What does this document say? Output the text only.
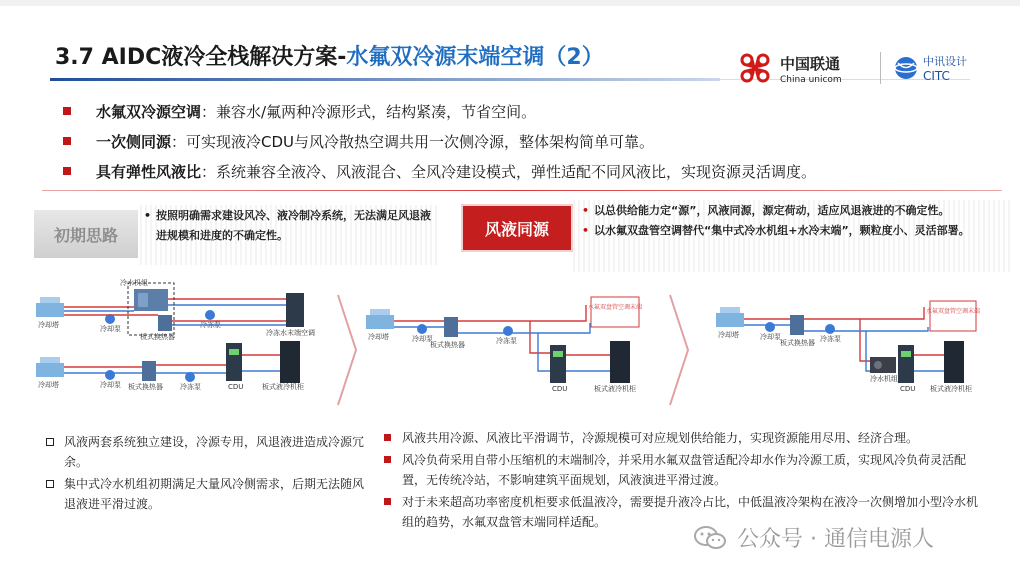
3.7 AIDC液冷全栈解决方案-水氟双冷源末端空调（2）	中国联通
China unicom
中讯设计
CITC
水氟双冷源空调：兼容水/氟两种冷源形式，结构紧凑，节省空间。
一次侧同源：可实现液冷CDU与风冷散热空调共用一次侧冷源，整体架构简单可靠。
具有弹性风液比：系统兼容全液冷、风液混合、全风冷建设模式，弹性适配不同风液比，实现资源灵活调度。
初期思路
• 按照明确需求建设风冷、液冷制冷系统，无法满足风退液进规模和进度的不确定性。	风液同源
• 以总供给能力定“源”，风液同源，源定荷动，适应风退液进的不确定性。
• 以水氟双盘管空调替代“集中式冷水机组+水冷末端”，颗粒度小、灵活部署。
冷却塔
冷水机组
冷却泵
板式换热器
冷冻泵
冷冻水末端空调
冷却塔	冷却泵 板式换热器 冷冻泵	CDU	板式液冷机柜
冷却塔	冷却泵
板式换热器	冷冻泵
水氟双盘管空调末端
CDU	板式液冷机柜
冷却塔	冷却泵
板式换热器 冷冻泵
水氟双盘管空调末端
冷水机组
CDU 板式液冷机柜
风液两套系统独立建设，冷源专用，风退液进造成冷源冗余。
集中式冷水机组初期满足大量风冷侧需求，后期无法随风退液进平滑过渡。
风液共用冷源、风液比平滑调节，冷源规模可对应规划供给能力，实现资源能用尽用、经济合理。
风冷负荷采用自带小压缩机的末端制冷，并采用水氟双盘管适配冷却水作为冷源工质，实现风冷负荷灵活配置，无传统冷站，不影响建筑平面规划，风液演进平滑过渡。
对于未来超高功率密度机柜要求低温液冷，需要提升液冷占比，中低温液冷架构在液冷一次侧增加小型冷水机组的趋势，水氟双盘管末端同样适配。
公众号 · 通信电源人
